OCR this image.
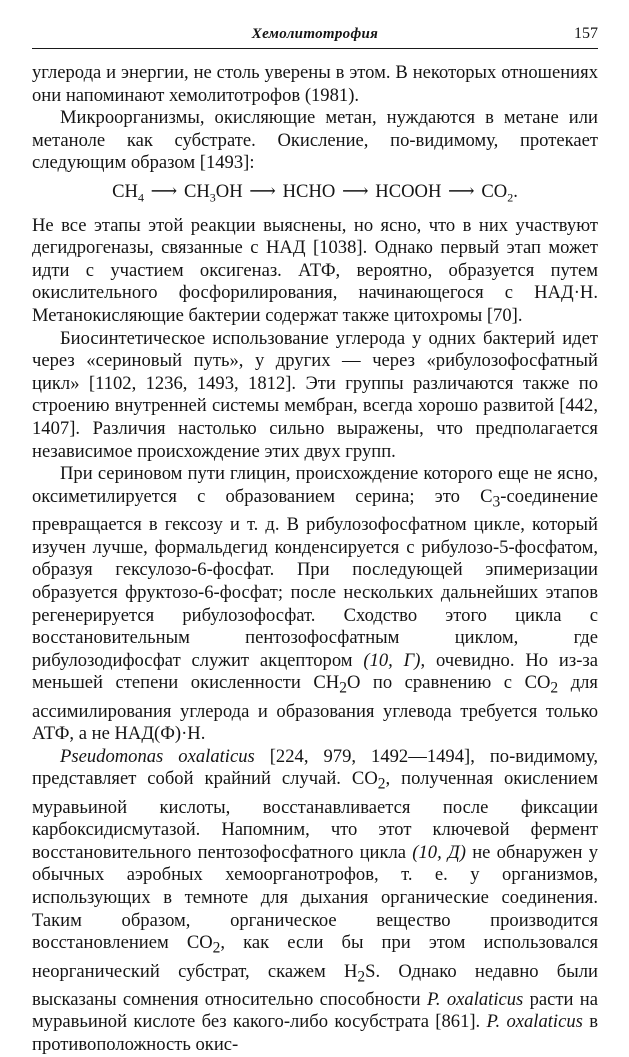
Хемолитотрофия	157

углерода и энергии, не столь уверены в этом. В некоторых отношениях они напоминают хемолитотрофов (1981).

Микроорганизмы, окисляющие метан, нуждаются в метане или метаноле как субстрате. Окисление, по-видимому, протекает следующим образом [1493]:

$CH_4$ ⟶ $CH_3OH$ ⟶ HCHO ⟶ HCOOH ⟶ $CO_2$.

Не все этапы этой реакции выяснены, но ясно, что в них участвуют дегидрогеназы, связанные с НАД [1038]. Однако первый этап может идти с участием оксигеназ. АТФ, вероятно, образуется путем окислительного фосфорилирования, начинающегося с НАД·Н. Метанокисляющие бактерии содержат также цитохромы [70].

Биосинтетическое использование углерода у одних бактерий идет через «сериновый путь», у других — через «рибулозофосфатный цикл» [1102, 1236, 1493, 1812]. Эти группы различаются также по строению внутренней системы мембран, всегда хорошо развитой [442, 1407]. Различия настолько сильно выражены, что предполагается независимое происхождение этих двух групп.

При сериновом пути глицин, происхождение которого еще не ясно, оксиметилируется с образованием серина; это $C_3$-соединение превращается в гексозу и т. д. В рибулозофосфатном цикле, который изучен лучше, формальдегид конденсируется с рибулозо-5-фосфатом, образуя гексулозо-6-фосфат. При последующей эпимеризации образуется фруктозо-6-фосфат; после нескольких дальнейших этапов регенерируется рибулозофосфат. Сходство этого цикла с восстановительным пентозофосфатным циклом, где рибулозодифосфат служит акцептором (10, Г), очевидно. Но из-за меньшей степени окисленности $CH_2O$ по сравнению с $CO_2$ для ассимилирования углерода и образования углевода требуется только АТФ, а не НАД(Ф)·Н.

Pseudomonas oxalaticus [224, 979, 1492—1494], по-видимому, представляет собой крайний случай. $CO_2$, полученная окислением муравьиной кислоты, восстанавливается после фиксации карбоксидисмутазой. Напомним, что этот ключевой фермент восстановительного пентозофосфатного цикла (10, Д) не обнаружен у обычных аэробных хемоорганотрофов, т. е. у организмов, использующих в темноте для дыхания органические соединения. Таким образом, органическое вещество производится восстановлением $CO_2$, как если бы при этом использовался неорганический субстрат, скажем $H_2S$. Однако недавно были высказаны сомнения относительно способности P. oxalaticus расти на муравьиной кислоте без какого-либо косубстрата [861]. P. oxalaticus в противоположность окис-
